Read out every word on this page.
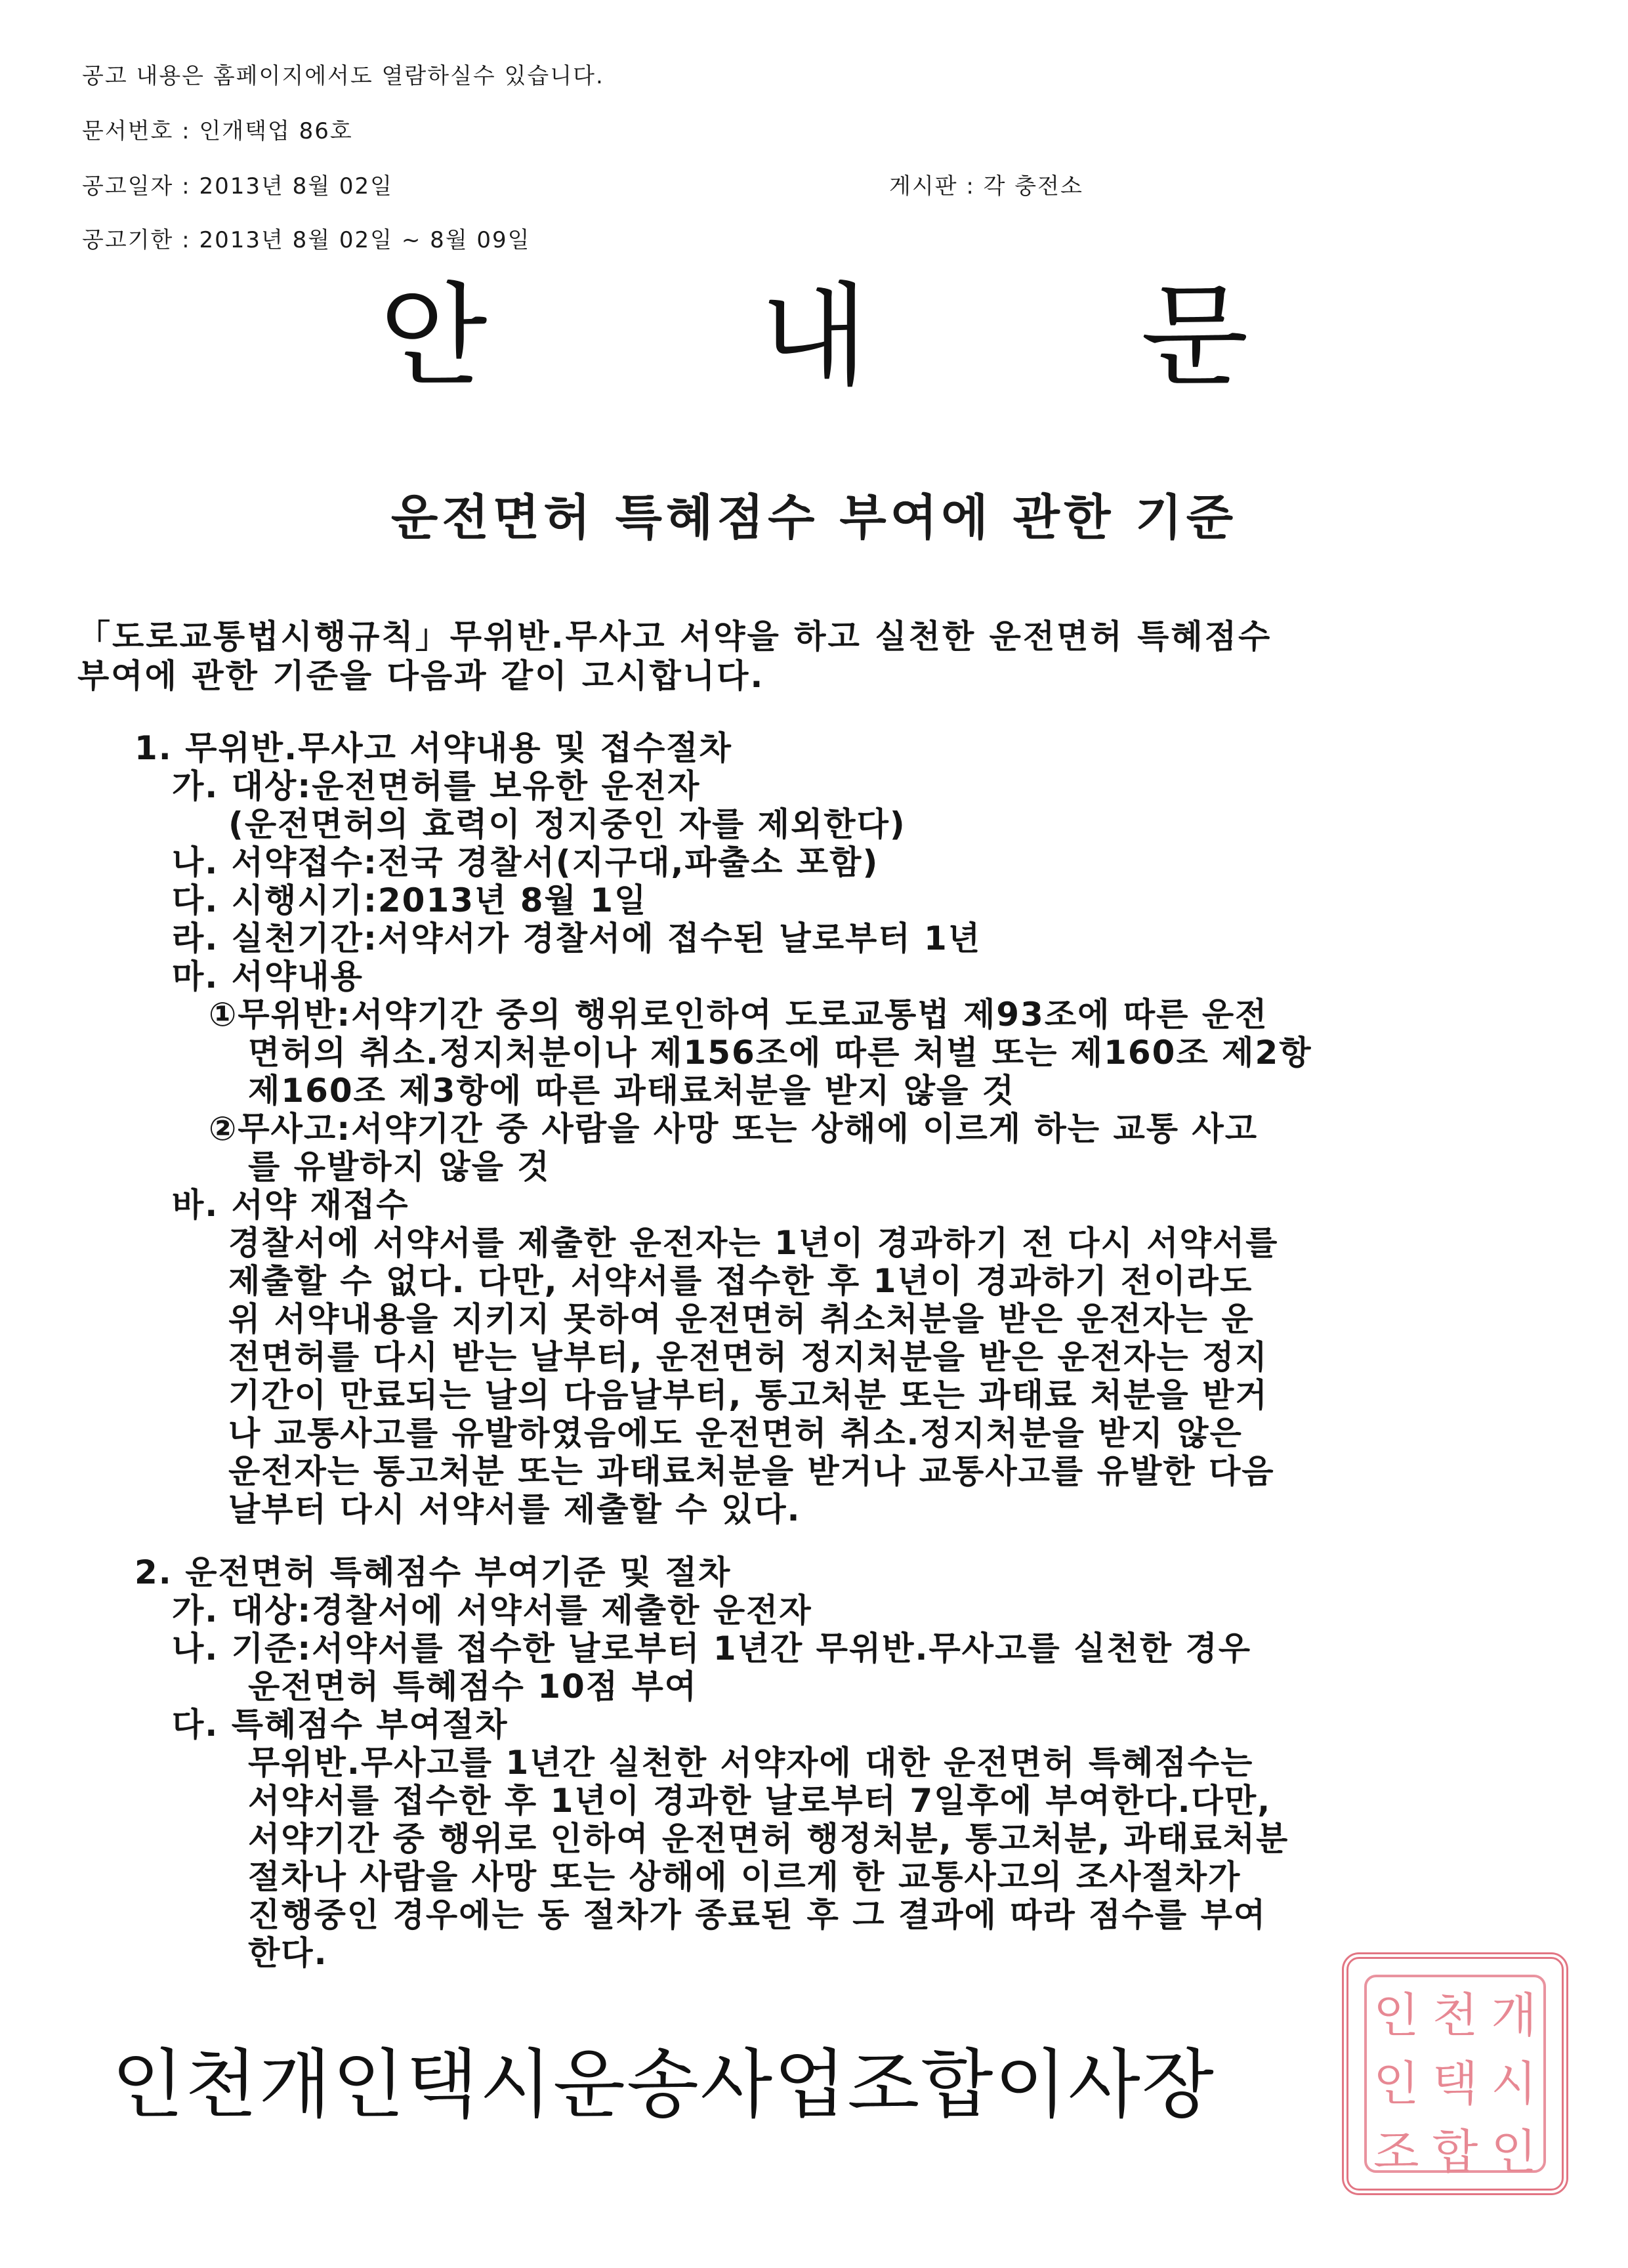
공고 내용은 홈페이지에서도 열람하실수 있습니다.
문서번호 : 인개택업 86호
공고일자 : 2013년 8월 02일	게시판 : 각 충전소
공고기한 : 2013년 8월 02일 ~ 8월 09일
안	내	문
운전면허 특혜점수 부여에 관한 기준
「도로교통법시행규칙」무위반.무사고 서약을 하고 실천한 운전면허 특혜점수
부여에 관한 기준을 다음과 같이 고시합니다.
1. 무위반.무사고 서약내용 및 접수절차
가. 대상:운전면허를 보유한 운전자
(운전면허의 효력이 정지중인 자를 제외한다)
나. 서약접수:전국 경찰서(지구대,파출소 포함)
다. 시행시기:2013년 8월 1일
라. 실천기간:서약서가 경찰서에 접수된 날로부터 1년
마. 서약내용
①무위반:서약기간 중의 행위로인하여 도로교통법 제93조에 따른 운전
면허의 취소.정지처분이나 제156조에 따른 처벌 또는 제160조 제2항
제160조 제3항에 따른 과태료처분을 받지 않을 것
②무사고:서약기간 중 사람을 사망 또는 상해에 이르게 하는 교통 사고
를 유발하지 않을 것
바. 서약 재접수
경찰서에 서약서를 제출한 운전자는 1년이 경과하기 전 다시 서약서를
제출할 수 없다. 다만, 서약서를 접수한 후 1년이 경과하기 전이라도
위 서약내용을 지키지 못하여 운전면허 취소처분을 받은 운전자는 운
전면허를 다시 받는 날부터, 운전면허 정지처분을 받은 운전자는 정지
기간이 만료되는 날의 다음날부터, 통고처분 또는 과태료 처분을 받거
나 교통사고를 유발하였음에도 운전면허 취소.정지처분을 받지 않은
운전자는 통고처분 또는 과태료처분을 받거나 교통사고를 유발한 다음
날부터 다시 서약서를 제출할 수 있다.
2. 운전면허 특혜점수 부여기준 및 절차
가. 대상:경찰서에 서약서를 제출한 운전자
나. 기준:서약서를 접수한 날로부터 1년간 무위반.무사고를 실천한 경우
운전면허 특혜점수 10점 부여
다. 특혜점수 부여절차
무위반.무사고를 1년간 실천한 서약자에 대한 운전면허 특혜점수는
서약서를 접수한 후 1년이 경과한 날로부터 7일후에 부여한다.다만,
서약기간 중 행위로 인하여 운전면허 행정처분, 통고처분, 과태료처분
절차나 사람을 사망 또는 상해에 이르게 한 교통사고의 조사절차가
진행중인 경우에는 동 절차가 종료된 후 그 결과에 따라 점수를 부여
한다.
인 천 개
인 택 시
조 합 인
인천개인택시운송사업조합이사장
